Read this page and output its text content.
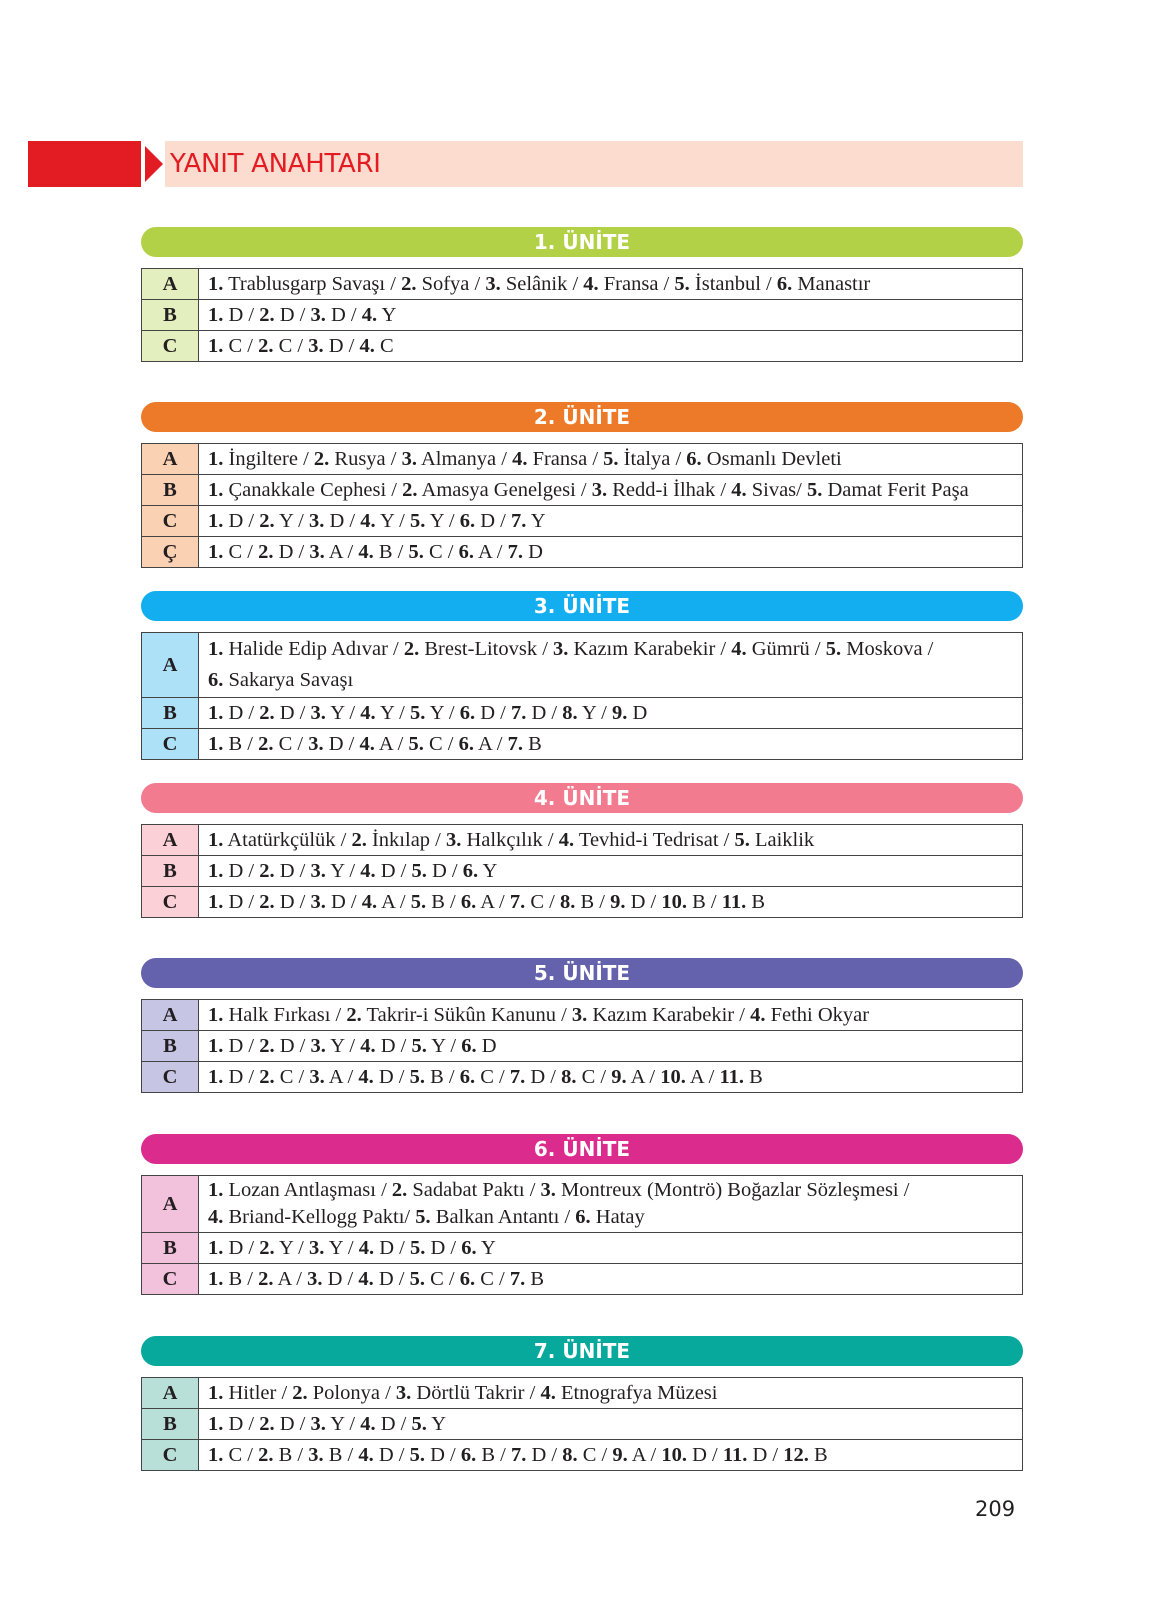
YANIT ANAHTARI
1. ÜNİTE
A	1. Trablusgarp Savaşı / 2. Sofya / 3. Selânik / 4. Fransa / 5. İstanbul / 6. Manastır
B	1. D / 2. D / 3. D / 4. Y
C	1. C / 2. C / 3. D / 4. C
2. ÜNİTE
A	1. İngiltere / 2. Rusya / 3. Almanya / 4. Fransa / 5. İtalya / 6. Osmanlı Devleti
B	1. Çanakkale Cephesi / 2. Amasya Genelgesi / 3. Redd-i İlhak / 4. Sivas/ 5. Damat Ferit Paşa
C	1. D / 2. Y / 3. D / 4. Y / 5. Y / 6. D / 7. Y
Ç	1. C / 2. D / 3. A / 4. B / 5. C / 6. A / 7. D
3. ÜNİTE
A	1. Halide Edip Adıvar / 2. Brest-Litovsk / 3. Kazım Karabekir / 4. Gümrü / 5. Moskova /
6. Sakarya Savaşı
B	1. D / 2. D / 3. Y / 4. Y / 5. Y / 6. D / 7. D / 8. Y / 9. D
C	1. B / 2. C / 3. D / 4. A / 5. C / 6. A / 7. B
4. ÜNİTE
A	1. Atatürkçülük / 2. İnkılap / 3. Halkçılık / 4. Tevhid-i Tedrisat / 5. Laiklik
B	1. D / 2. D / 3. Y / 4. D / 5. D / 6. Y
C	1. D / 2. D / 3. D / 4. A / 5. B / 6. A / 7. C / 8. B / 9. D / 10. B / 11. B
5. ÜNİTE
A	1. Halk Fırkası / 2. Takrir-i Sükûn Kanunu / 3. Kazım Karabekir / 4. Fethi Okyar
B	1. D / 2. D / 3. Y / 4. D / 5. Y / 6. D
C	1. D / 2. C / 3. A / 4. D / 5. B / 6. C / 7. D / 8. C / 9. A / 10. A / 11. B
6. ÜNİTE
A	1. Lozan Antlaşması / 2. Sadabat Paktı / 3. Montreux (Montrö) Boğazlar Sözleşmesi /
4. Briand-Kellogg Paktı/ 5. Balkan Antantı / 6. Hatay
B	1. D / 2. Y / 3. Y / 4. D / 5. D / 6. Y
C	1. B / 2. A / 3. D / 4. D / 5. C / 6. C / 7. B
7. ÜNİTE
A	1. Hitler / 2. Polonya / 3. Dörtlü Takrir / 4. Etnografya Müzesi
B	1. D / 2. D / 3. Y / 4. D / 5. Y
C	1. C / 2. B / 3. B / 4. D / 5. D / 6. B / 7. D / 8. C / 9. A / 10. D / 11. D / 12. B
209
